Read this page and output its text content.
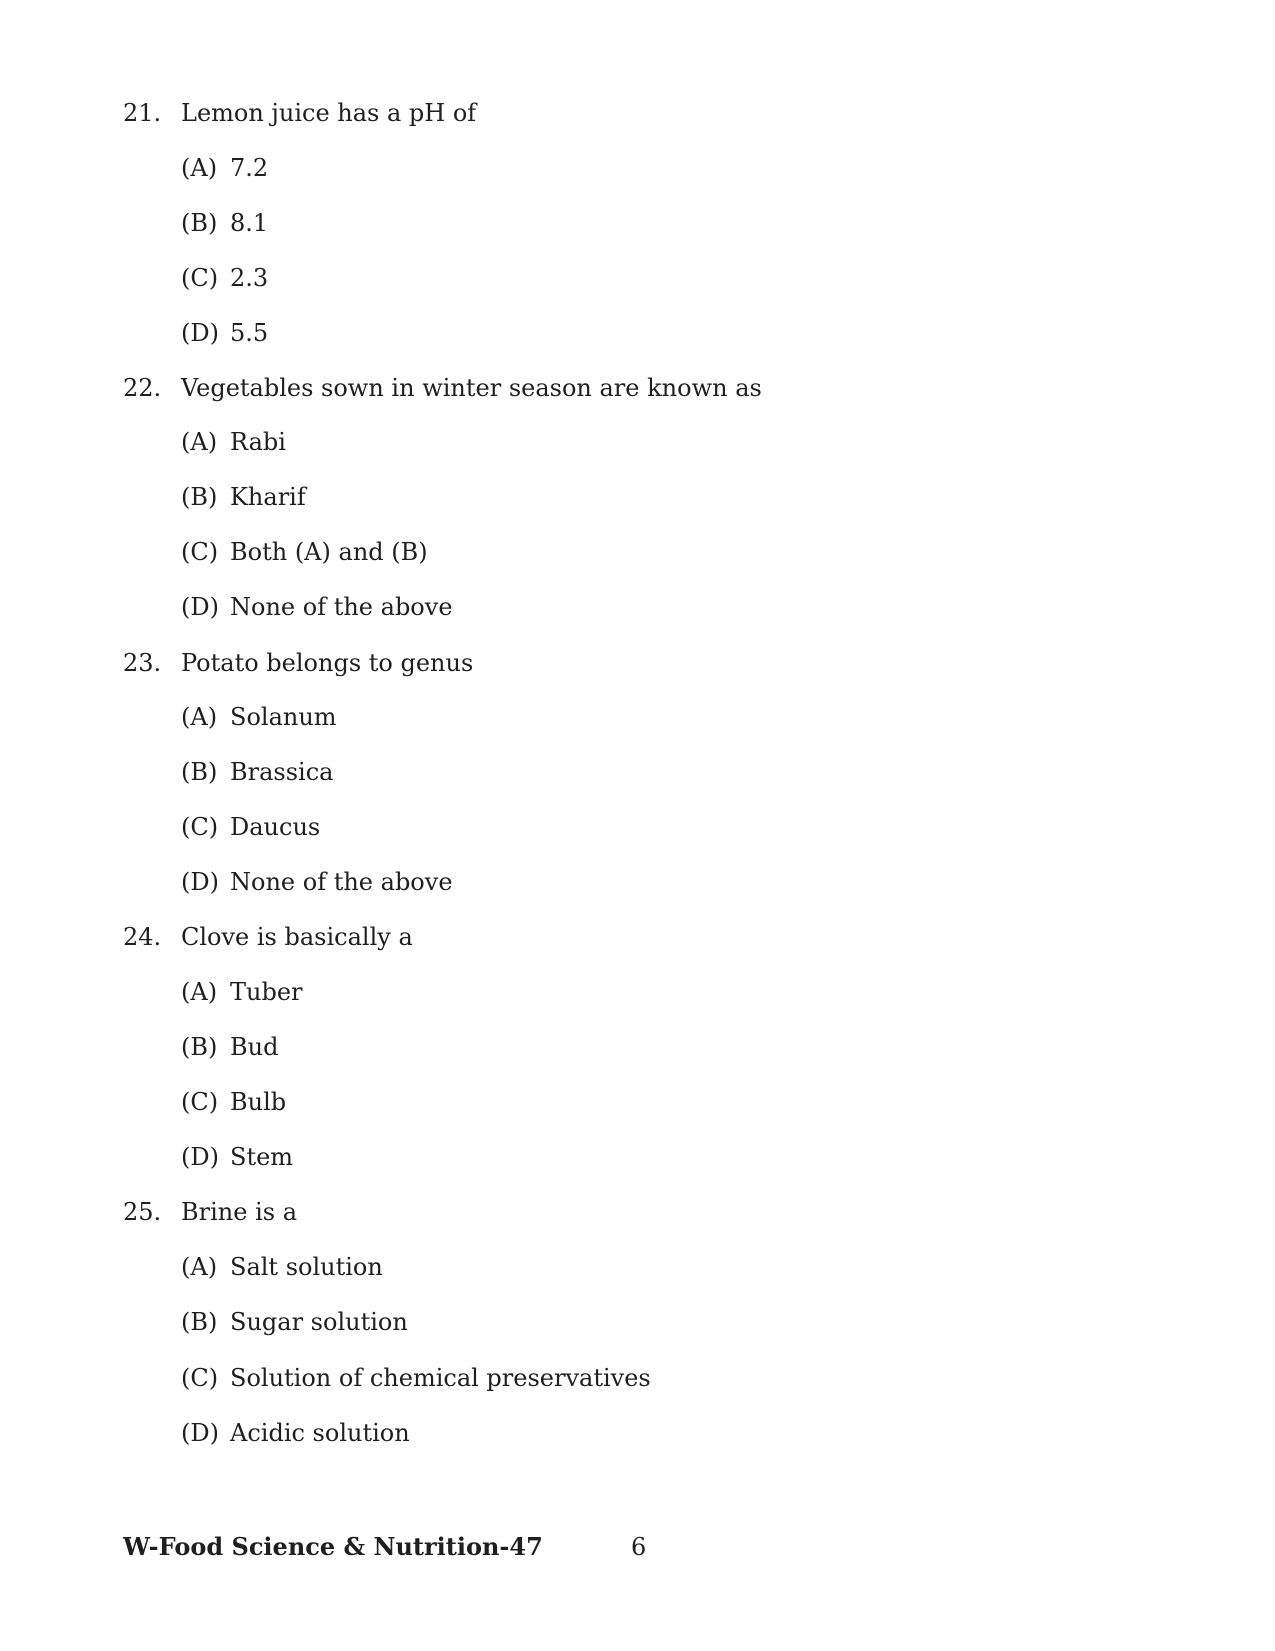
21. Lemon juice has a pH of
(A) 7.2
(B) 8.1
(C) 2.3
(D) 5.5
22. Vegetables sown in winter season are known as
(A) Rabi
(B) Kharif
(C) Both (A) and (B)
(D) None of the above
23. Potato belongs to genus
(A) Solanum
(B) Brassica
(C) Daucus
(D) None of the above
24. Clove is basically a
(A) Tuber
(B) Bud
(C) Bulb
(D) Stem
25. Brine is a
(A) Salt solution
(B) Sugar solution
(C) Solution of chemical preservatives
(D) Acidic solution
W-Food Science & Nutrition-47	6
